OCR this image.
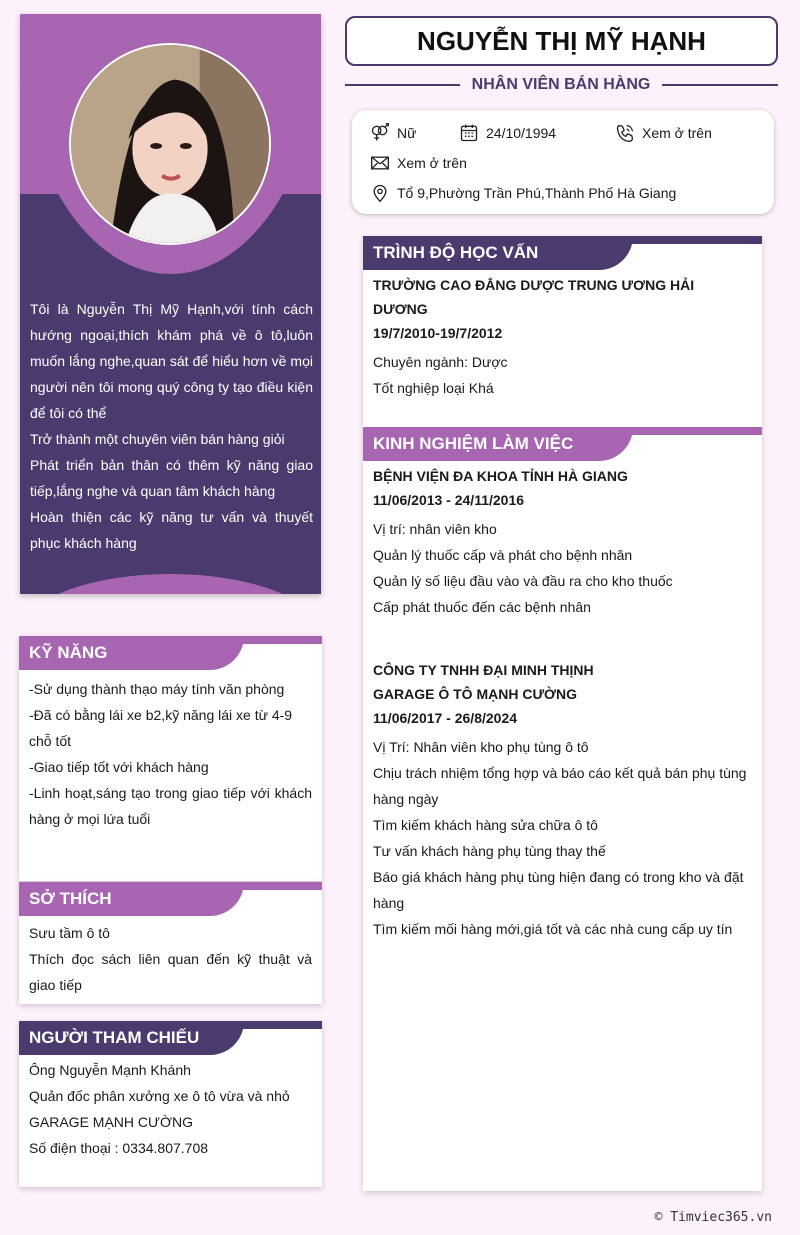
Tôi là Nguyễn Thị Mỹ Hạnh,với tính cách hướng ngoại,thích khám phá về ô tô,luôn muốn lắng nghe,quan sát để hiểu hơn về mọi người nên tôi mong quý công ty tạo điều kiện để tôi có thể

Trở thành một chuyên viên bán hàng giỏi

Phát triển bản thân có thêm kỹ năng giao tiếp,lắng nghe và quan tâm khách hàng

Hoàn thiện các kỹ năng tư vấn và thuyết phục khách hàng

KỸ NĂNG

-Sử dụng thành thạo máy tính văn phòng

-Đã có bằng lái xe b2,kỹ năng lái xe từ 4-9 chỗ tốt

-Giao tiếp tốt với khách hàng

-Linh hoạt,sáng tạo trong giao tiếp với khách hàng ở mọi lứa tuổi

SỞ THÍCH

Sưu tầm ô tô

Thích đọc sách liên quan đến kỹ thuật và giao tiếp

NGƯỜI THAM CHIẾU

Ông Nguyễn Mạnh Khánh

Quản đốc phân xưởng xe ô tô vừa và nhỏ

GARAGE MẠNH CƯỜNG

Số điện thoại : 0334.807.708

NGUYỄN THỊ MỸ HẠNH
NHÂN VIÊN BÁN HÀNG
Nữ	24/10/1994	Xem ở trên
Xem ở trên
Tổ 9,Phường Trần Phú,Thành Phố Hà Giang
TRÌNH ĐỘ HỌC VẤN

TRƯỜNG CAO ĐẲNG DƯỢC TRUNG ƯƠNG HẢI DƯƠNG

19/7/2010-19/7/2012

Chuyên ngành: Dược

Tốt nghiệp loại Khá

KINH NGHIỆM LÀM VIỆC

BỆNH VIỆN ĐA KHOA TỈNH HÀ GIANG

11/06/2013 - 24/11/2016

Vị trí: nhân viên kho

Quản lý thuốc cấp và phát cho bệnh nhân

Quản lý số liệu đầu vào và đầu ra cho kho thuốc

Cấp phát thuốc đến các bệnh nhân

CÔNG TY TNHH ĐẠI MINH THỊNH

GARAGE Ô TÔ MẠNH CƯỜNG

11/06/2017 - 26/8/2024

Vị Trí: Nhân viên kho phụ tùng ô tô

Chịu trách nhiệm tổng hợp và báo cáo kết quả bán phụ tùng hàng ngày

Tìm kiếm khách hàng sửa chữa ô tô

Tư vấn khách hàng phụ tùng thay thế

Báo giá khách hàng phụ tùng hiện đang có trong kho và đặt hàng

Tìm kiếm mối hàng mới,giá tốt và các nhà cung cấp uy tín

© Timviec365.vn
